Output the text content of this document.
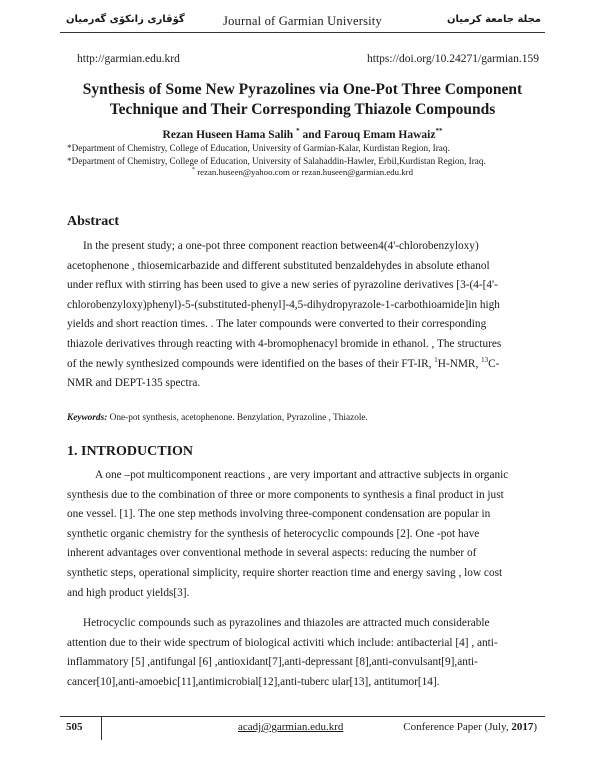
گۆڤاری زانكۆی گەرمیان	Journal of Garmian University	مجلة جامعة كرميان
http://garmian.edu.krd	https://doi.org/10.24271/garmian.159
Synthesis of Some New Pyrazolines via One-Pot Three Component
Technique and Their Corresponding Thiazole Compounds
Rezan Huseen Hama Salih * and Farouq Emam Hawaiz**
*Department of Chemistry, College of Education, University of Garmian-Kalar, Kurdistan Region, Iraq.
*Department of Chemistry, College of Education, University of Salahaddin-Hawler, Erbil,Kurdistan Region, Iraq.
* rezan.huseen@yahoo.com or rezan.huseen@garmian.edu.krd
Abstract
In the present study; a one-pot three component reaction between4(4'-chlorobenzyloxy)
acetophenone , thiosemicarbazide and different substituted benzaldehydes in absolute ethanol
under reflux with stirring has been used to give a new series of pyrazoline derivatives [3-(4-[4'-
chlorobenzyloxy)phenyl)-5-(substituted-phenyl]-4,5-dihydropyrazole-1-carbothioamide]in high
yields and short reaction times. . The later compounds were converted to their corresponding
thiazole derivatives through reacting with 4-bromophenacyl bromide in ethanol. , The structures
of the newly synthesized compounds were identified on the bases of their FT-IR, $^1$H-NMR, $^{13}$C-
NMR and DEPT-135 spectra.
Keywords: One-pot synthesis, acetophenone. Benzylation, Pyrazoline , Thiazole.
1. INTRODUCTION
A one –pot multicomponent reactions , are very important and attractive subjects in organic
synthesis due to the combination of three or more components to synthesis a final product in just
one vessel. [1]. The one step methods involving three-component condensation are popular in
synthetic organic chemistry for the synthesis of heterocyclic compounds [2]. One -pot have
inherent advantages over conventional methode in several aspects: reducing the number of
synthetic steps, operational simplicity, require shorter reaction time and energy saving , low cost
and high product yields[3].
Hetrocyclic compounds such as pyrazolines and thiazoles are attracted much considerable
attention due to their wide spectrum of biological activiti which include: antibacterial [4] , anti-
inflammatory [5] ,antifungal [6] ,antioxidant[7],anti-depressant [8],anti-convulsant[9],anti-
cancer[10],anti-amoebic[11],antimicrobial[12],anti-tuberc ular[13], antitumor[14].
505	acadj@garmian.edu.krd	Conference Paper (July, 2017)
